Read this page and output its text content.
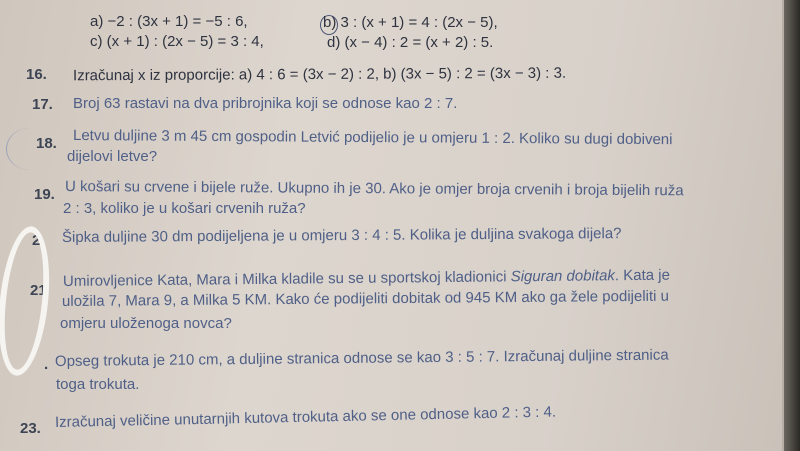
a) −2 : (3x + 1) = −5 : 6,	b) 3 : (x + 1) = 4 : (2x − 5),
c) (x + 1) : (2x − 5) = 3 : 4,	d) (x − 4) : 2 = (x + 2) : 5.
16. Izračunaj x iz proporcije: a) 4 : 6 = (3x − 2) : 2, b) (3x − 5) : 2 = (3x − 3) : 3.
17. Broj 63 rastavi na dva pribrojnika koji se odnose kao 2 : 7.
18. Letvu duljine 3 m 45 cm gospodin Letvić podijelio je u omjeru 1 : 2. Koliko su dugi dobiveni
dijelovi letve?
19. U košari su crvene i bijele ruže. Ukupno ih je 30. Ako je omjer broja crvenih i broja bijelih ruža
2 : 3, koliko je u košari crvenih ruža?
2 Šipka duljine 30 dm podijeljena je u omjeru 3 : 4 : 5. Kolika je duljina svakoga dijela?
21
Umirovljenice Kata, Mara i Milka kladile su se u sportskoj kladionici Siguran dobitak. Kata je
uložila 7, Mara 9, a Milka 5 KM. Kako će podijeliti dobitak od 945 KM ako ga žele podijeliti u
omjeru uloženoga novca?
. Opseg trokuta je 210 cm, a duljine stranica odnose se kao 3 : 5 : 7. Izračunaj duljine stranica
toga trokuta.
23. Izračunaj veličine unutarnjih kutova trokuta ako se one odnose kao 2 : 3 : 4.
